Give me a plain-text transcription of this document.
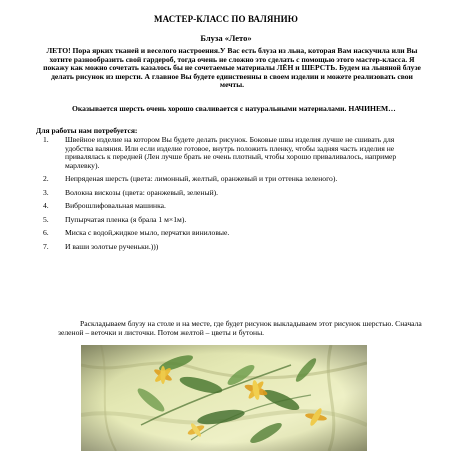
МАСТЕР-КЛАСС ПО ВАЛЯНИЮ
Блуза «Лето»
ЛЕТО! Пора ярких тканей и веселого настроения.У Вас есть блуза из льна, которая Вам наскучила или Вы хотите разнообразить свой гардероб, тогда очень не сложно это сделать с помощью этого мастер-класса. Я покажу как можно сочетать казалось бы не сочетаемые материалы ЛЁН и ШЕРСТЬ. Будем на льняной блузе делать рисунок из шерсти. А главное Вы будете единственны в своем изделии и можете реализовать свои мечты.
Оказывается шерсть очень хорошо сваливается с натуральными материалами. НАЧИНЕМ…
Для работы нам потребуется:
1. Швейное изделие на котором Вы будете делать рисунок. Боковые швы изделия лучше не сшивать для удобства валяния. Или если изделие готовое, внутрь положить пленку, чтобы задняя часть изделия не привалялась к передней (Лен лучше брать не очень плотный, чтобы хорошо приваливалось, например марлевку).
2. Непряденая шерсть (цвета: лимонный, желтый, оранжевый и три оттенка зеленого).
3. Волокна вискозы (цвета: оранжевый, зеленый).
4. Виброшлифовальная машинка.
5. Пупырчатая пленка (я брала 1 м×1м).
6. Миска с водой,жидкое мыло, перчатки виниловые.
7. И ваши золотые рученьки.)))
Раскладываем блузу на столе и на месте, где будет рисунок выкладываем этот рисунок шерстью. Сначала зеленой – веточки и листочки. Потом желтой – цветы и бутоны.
